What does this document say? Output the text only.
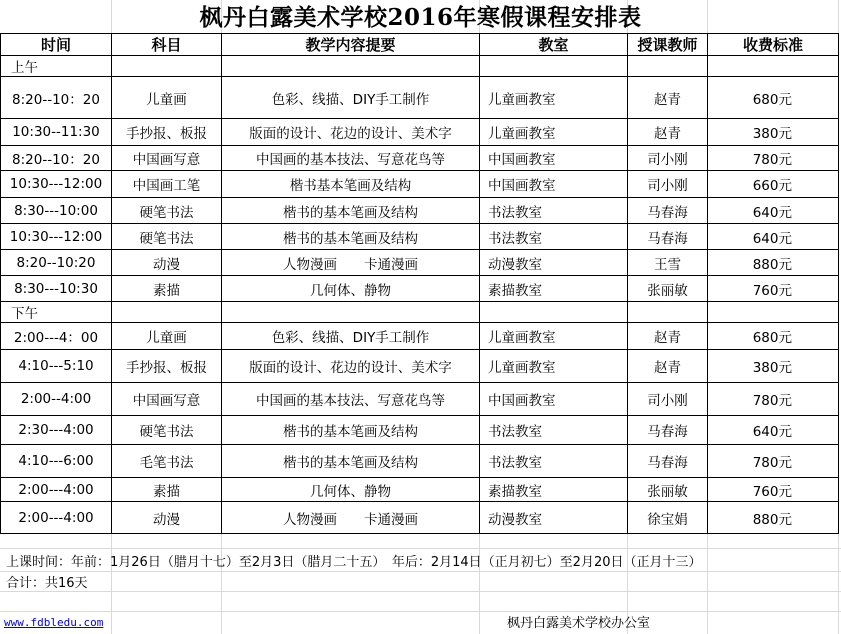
枫丹白露美术学校2016年寒假课程安排表
时间	科目	教学内容提要	教室	授课教师	收费标准
上午					
8:20--10：20	儿童画	色彩、线描、DIY手工制作	儿童画教室	赵青	680元
10:30--11:30	手抄报、板报	版面的设计、花边的设计、美术字	儿童画教室	赵青	380元
8:20--10：20	中国画写意	中国画的基本技法、写意花鸟等	中国画教室	司小刚	780元
10:30---12:00	中国画工笔	楷书基本笔画及结构	中国画教室	司小刚	660元
8:30---10:00	硬笔书法	楷书的基本笔画及结构	书法教室	马春海	640元
10:30---12:00	硬笔书法	楷书的基本笔画及结构	书法教室	马春海	640元
8:20--10:20	动漫	人物漫画　　卡通漫画	动漫教室	王雪	880元
8:30---10:30	素描	几何体、静物	素描教室	张丽敏	760元
下午					
2:00---4：00	儿童画	色彩、线描、DIY手工制作	儿童画教室	赵青	680元
4:10---5:10	手抄报、板报	版面的设计、花边的设计、美术字	儿童画教室	赵青	380元
2:00--4:00	中国画写意	中国画的基本技法、写意花鸟等	中国画教室	司小刚	780元
2:30---4:00	硬笔书法	楷书的基本笔画及结构	书法教室	马春海	640元
4:10---6:00	毛笔书法	楷书的基本笔画及结构	书法教室	马春海	780元
2:00---4:00	素描	几何体、静物	素描教室	张丽敏	760元
2:00---4:00	动漫	人物漫画　　卡通漫画	动漫教室	徐宝娟	880元
上课时间：年前：1月26日（腊月十七）至2月3日（腊月二十五）　年后：2月14日（正月初七）至2月20日（正月十三）
合计：共16天
www.fdbledu.com	枫丹白露美术学校办公室
